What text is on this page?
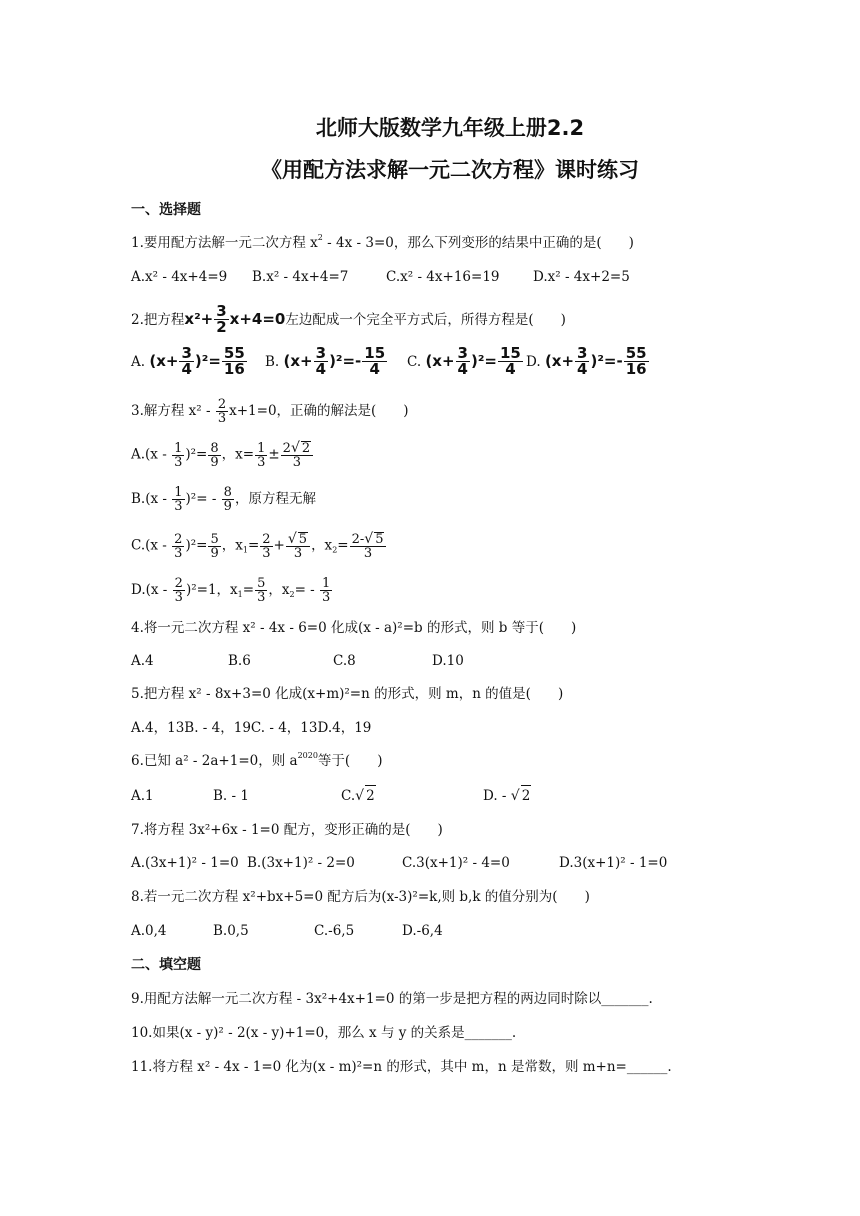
北师大版数学九年级上册2.2
《用配方法求解一元二次方程》课时练习
一、选择题
1.要用配方法解一元二次方程 $x^2 - 4x - 3=0$，那么下列变形的结果中正确的是(　　)
A.x² - 4x+4=9 B.x² - 4x+4=7	C.x² - 4x+16=19 D.x² - 4x+2=5
2.把方程$x^2+ \frac{3}{2} x+4=0$左边配成一个完全平方式后，所得方程是(　　)
A. $(x+ \frac{3}{4} )^2= \frac{55}{16} B$. $(x+ \frac{3}{4} )^2=- \frac{15}{4} C$. $(x+ \frac{3}{4} )^2= \frac{15}{4} D$. $(x+ \frac{3}{4} )^2=- \frac{55}{16}$
3.解方程 $x^2 - \frac{2}{3} x+1=0$，正确的解法是(　　)
$A.(x - \frac{1}{3} )^2= \frac{8}{9}$ ，$x= \frac{1}{3} \pm \frac{2√ 2}{3}$
$B.(x - \frac{1}{3} )^2= - \frac{8}{9}$ ，原方程无解
$C.(x - \frac{2}{3} )^2= \frac{5}{9}$ ，$x_1= \frac{2}{3} + \frac{√ 5}{3}$ ，$x_2= \frac{2-√ 5}{3}$
$D.(x - \frac{2}{3} )^2=1$，$x_1= \frac{5}{3}$ ，$x_2= - \frac{1}{3}$
4.将一元二次方程 x² - 4x - 6=0 化成(x - a)²=b 的形式，则 b 等于(　　)
A.4	B.6	C.8	D.10
5.把方程 x² - 8x+3=0 化成(x+m)²=n 的形式，则 m，n 的值是(　　)
A.4，13B. - 4，19C. - 4，13D.4，19
6.已知 a² - 2a+1=0，则 $a^{2020}$等于(　　)
A.1	B. - 1	C.√ 2	D. - √ 2
7.将方程 3x²+6x - 1=0 配方，变形正确的是(　　)
A.(3x+1)² - 1=0 B.(3x+1)² - 2=0	C.3(x+1)² - 4=0	D.3(x+1)² - 1=0
8.若一元二次方程 x²+bx+5=0 配方后为(x-3)²=k,则 b,k 的值分别为(　　)
A.0,4	B.0,5	C.-6,5	D.-6,4
二、填空题
9.用配方法解一元二次方程 - 3x²+4x+1=0 的第一步是把方程的两边同时除以_______.
10.如果(x - y)² - 2(x - y)+1=0，那么 x 与 y 的关系是_______.
11.将方程 x² - 4x - 1=0 化为(x - m)²=n 的形式，其中 m，n 是常数，则 m+n=______.
